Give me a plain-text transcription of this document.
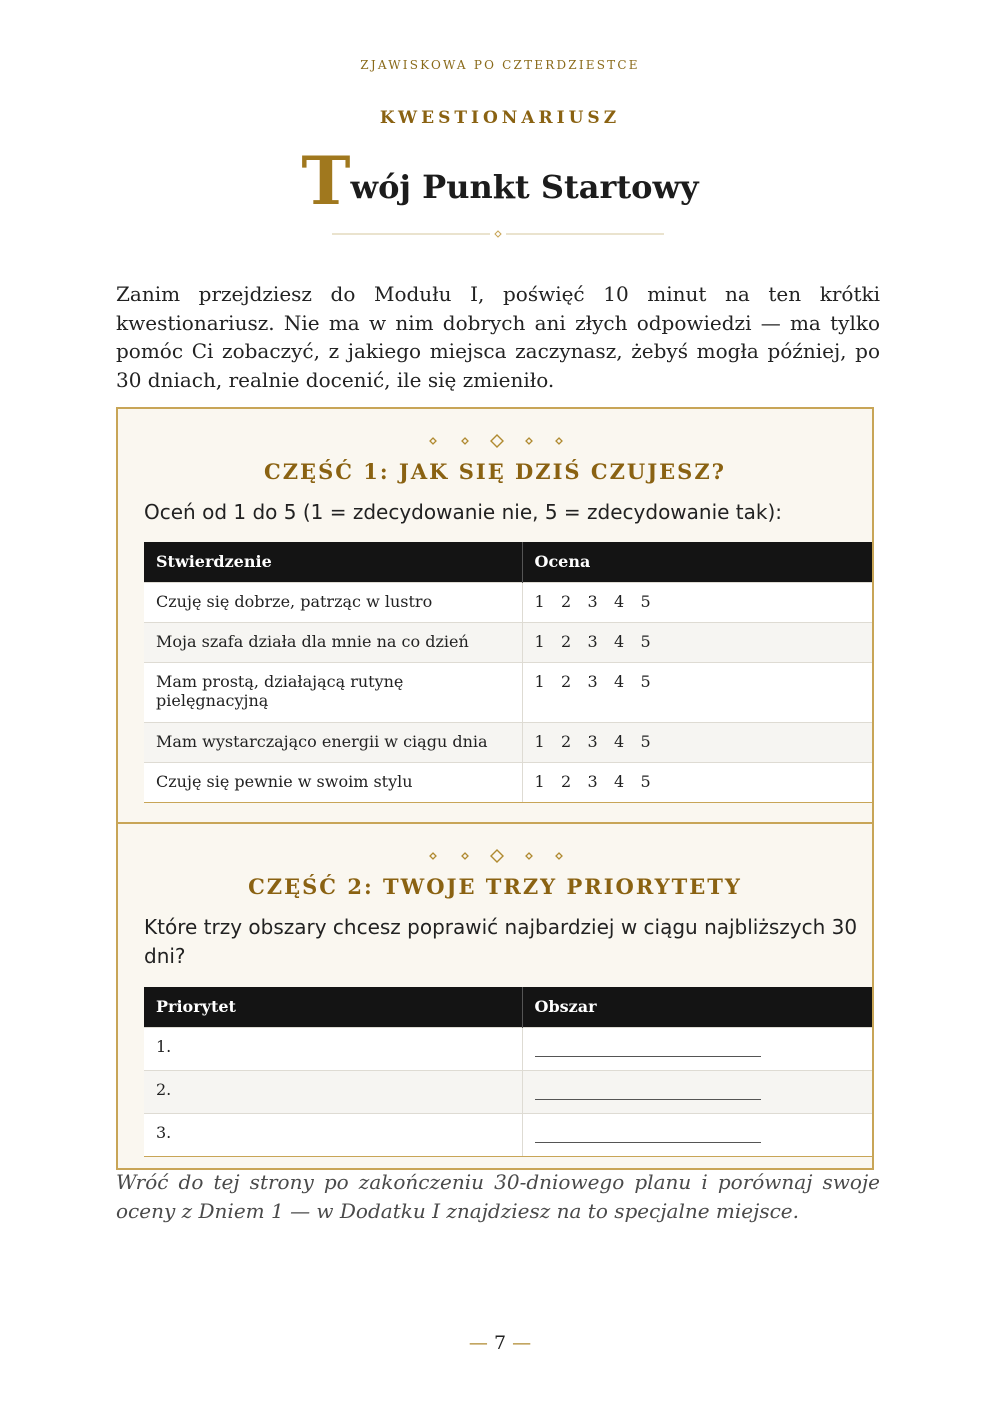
ZJAWISKOWA PO CZTERDZIESTCE
KWESTIONARIUSZ
Twój Punkt Startowy

Zanim przejdziesz do Modułu I, poświęć 10 minut na ten krótki kwestionariusz. Nie ma w nim dobrych ani złych odpowiedzi — ma tylko pomóc Ci zobaczyć, z jakiego miejsca zaczynasz, żebyś mogła później, po 30 dniach, realnie docenić, ile się zmieniło.

CZĘŚĆ 1: JAK SIĘ DZIŚ CZUJESZ?

Oceń od 1 do 5 (1 = zdecydowanie nie, 5 = zdecydowanie tak):

Stwierdzenie	Ocena
Czuję się dobrze, patrząc w lustro	1 2 3 4 5
Moja szafa działa dla mnie na co dzień	1 2 3 4 5
Mam prostą, działającą rutynę pielęgnacyjną	1 2 3 4 5
Mam wystarczająco energii w ciągu dnia	1 2 3 4 5
Czuję się pewnie w swoim stylu	1 2 3 4 5
CZĘŚĆ 2: TWOJE TRZY PRIORYTETY

Które trzy obszary chcesz poprawić najbardziej w ciągu najbliższych 30 dni?

Priorytet	Obszar
1.	
2.	
3.	

Wróć do tej strony po zakończeniu 30-dniowego planu i porównaj swoje oceny z Dniem 1 — w Dodatku I znajdziesz na to specjalne miejsce.

— 7 —
